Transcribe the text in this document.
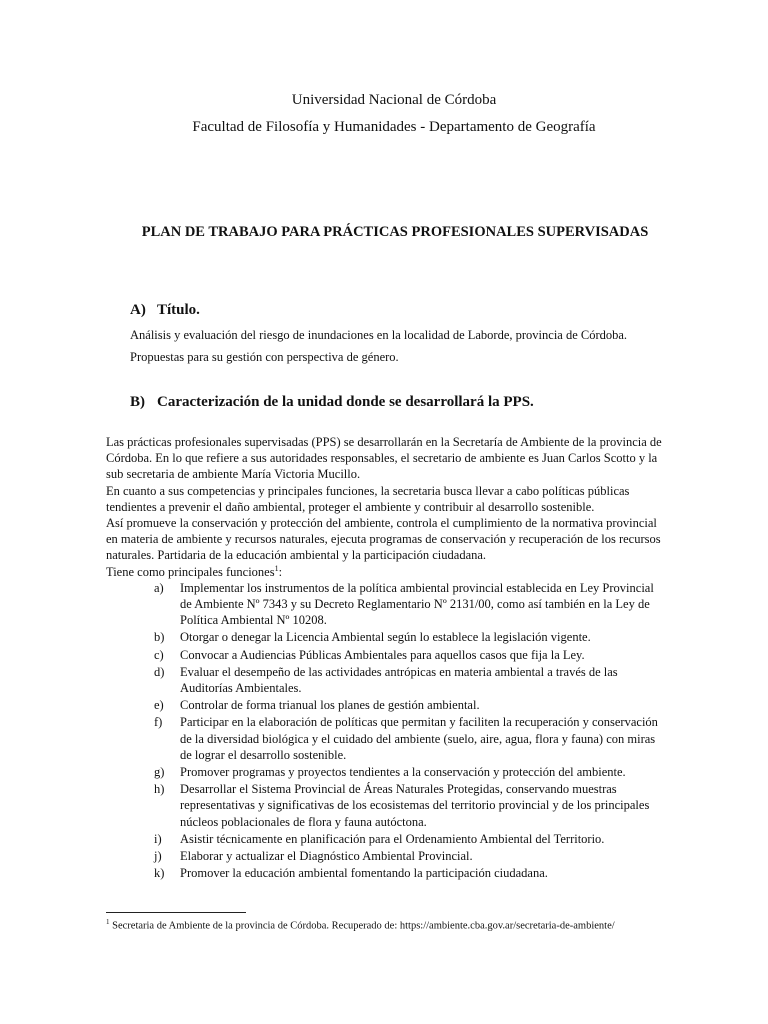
Universidad Nacional de Córdoba
Facultad de Filosofía y Humanidades - Departamento de Geografía
PLAN DE TRABAJO PARA PRÁCTICAS PROFESIONALES SUPERVISADAS
A) Título.
Análisis y evaluación del riesgo de inundaciones en la localidad de Laborde, provincia de Córdoba.
Propuestas para su gestión con perspectiva de género.
B) Caracterización de la unidad donde se desarrollará la PPS.

Las prácticas profesionales supervisadas (PPS) se desarrollarán en la Secretaría de Ambiente de la provincia de Córdoba. En lo que refiere a sus autoridades responsables, el secretario de ambiente es Juan Carlos Scotto y la sub secretaria de ambiente María Victoria Mucillo.

En cuanto a sus competencias y principales funciones, la secretaria busca llevar a cabo políticas públicas tendientes a prevenir el daño ambiental, proteger el ambiente y contribuir al desarrollo sostenible.

Así promueve la conservación y protección del ambiente, controla el cumplimiento de la normativa provincial en materia de ambiente y recursos naturales, ejecuta programas de conservación y recuperación de los recursos naturales. Partidaria de la educación ambiental y la participación ciudadana.

Tiene como principales funciones$^1$:

a) Implementar los instrumentos de la política ambiental provincial establecida en Ley Provincial de Ambiente Nº 7343 y su Decreto Reglamentario Nº 2131/00, como así también en la Ley de Política Ambiental Nº 10208.
b) Otorgar o denegar la Licencia Ambiental según lo establece la legislación vigente.
c) Convocar a Audiencias Públicas Ambientales para aquellos casos que fija la Ley.
d) Evaluar el desempeño de las actividades antrópicas en materia ambiental a través de las Auditorías Ambientales.
e) Controlar de forma trianual los planes de gestión ambiental.
f) Participar en la elaboración de políticas que permitan y faciliten la recuperación y conservación de la diversidad biológica y el cuidado del ambiente (suelo, aire, agua, flora y fauna) con miras de lograr el desarrollo sostenible.
g) Promover programas y proyectos tendientes a la conservación y protección del ambiente.
h) Desarrollar el Sistema Provincial de Áreas Naturales Protegidas, conservando muestras representativas y significativas de los ecosistemas del territorio provincial y de los principales núcleos poblacionales de flora y fauna autóctona.
i) Asistir técnicamente en planificación para el Ordenamiento Ambiental del Territorio.
j) Elaborar y actualizar el Diagnóstico Ambiental Provincial.
k) Promover la educación ambiental fomentando la participación ciudadana.
$^1$ Secretaria de Ambiente de la provincia de Córdoba. Recuperado de: https://ambiente.cba.gov.ar/secretaria-de-ambiente/
